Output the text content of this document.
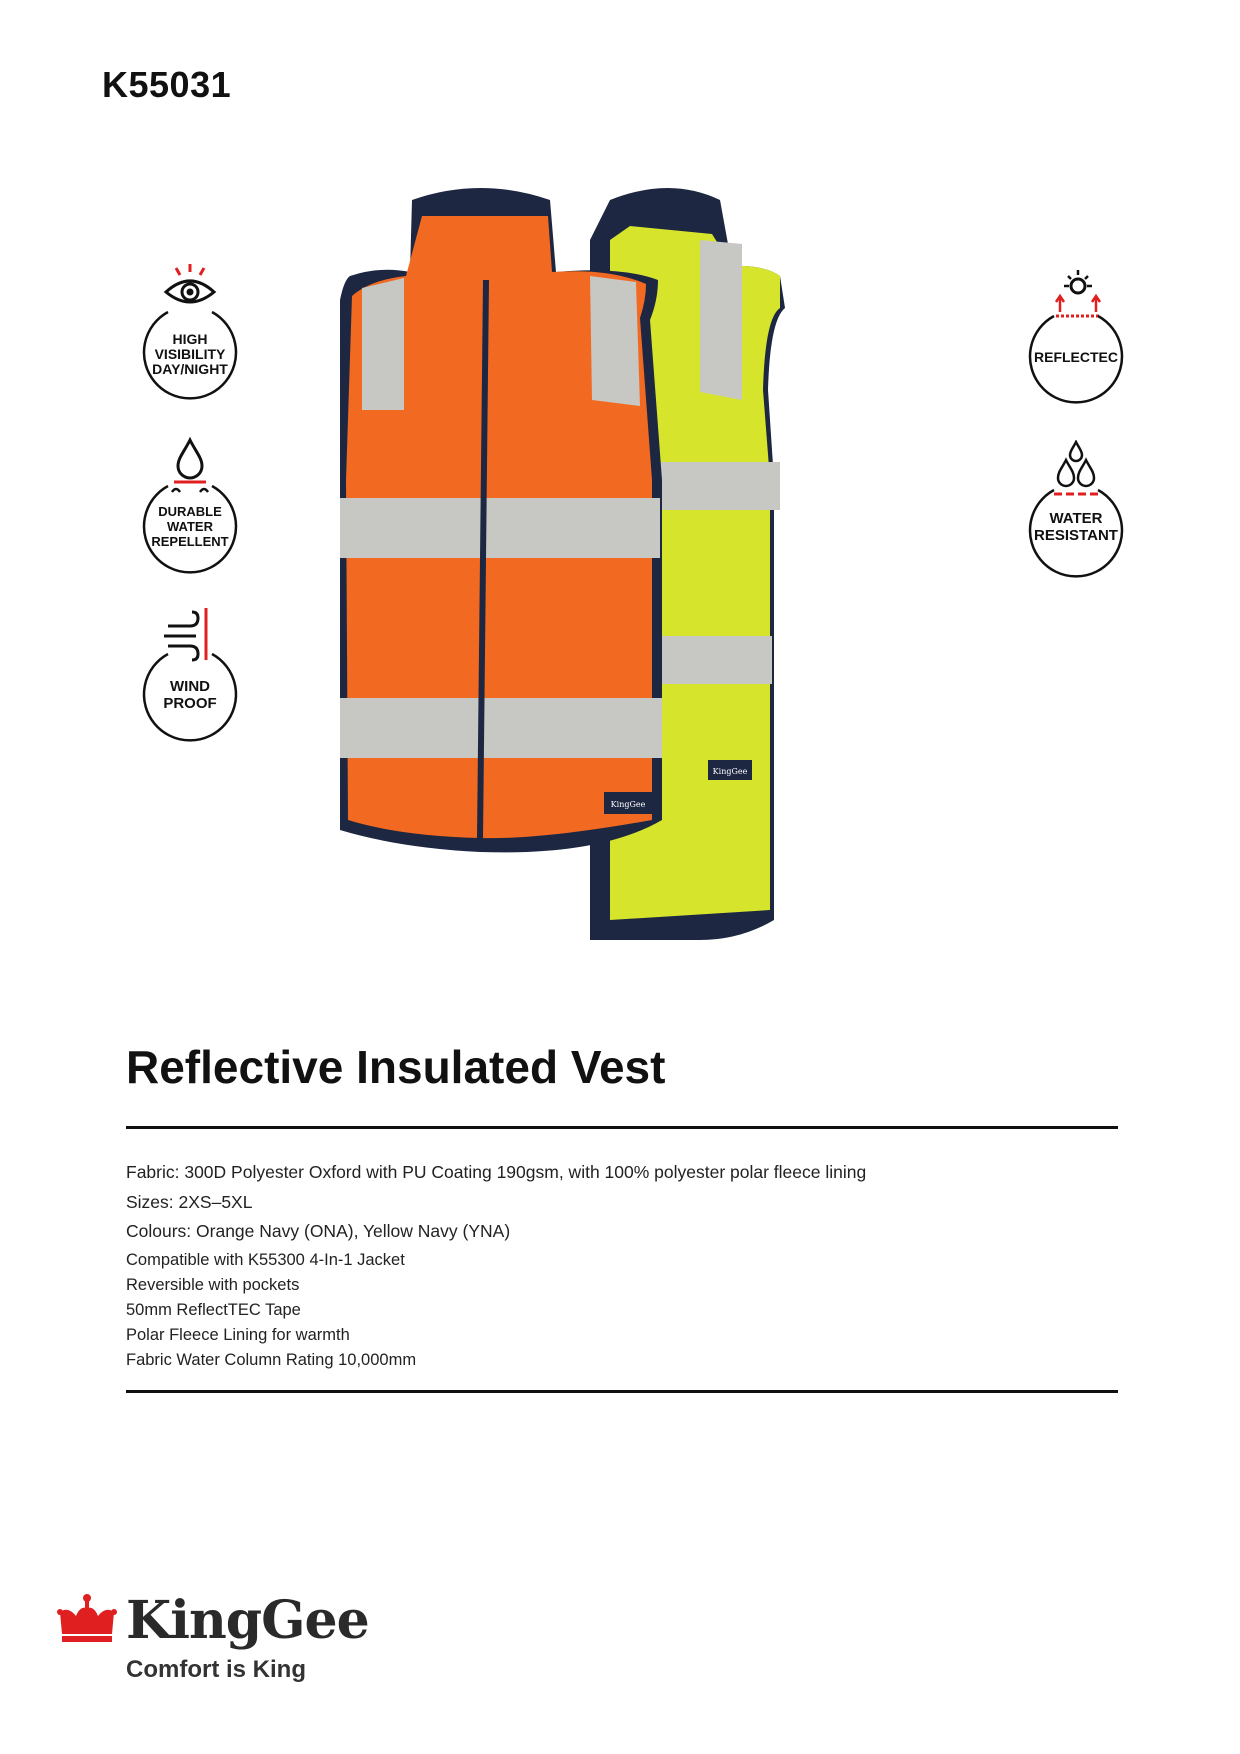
K55031
HIGH
VISIBILITY
DAY/NIGHT
DURABLE
WATER
REPELLENT
WIND
PROOF
REFLECTEC
WATER
RESISTANT
KingGee
KingGee
Reflective Insulated Vest
Fabric: 300D Polyester Oxford with PU Coating 190gsm, with 100% polyester polar fleece lining
Sizes: 2XS–5XL
Colours: Orange Navy (ONA), Yellow Navy (YNA)
Compatible with K55300 4-In-1 Jacket
Reversible with pockets
50mm ReflectTEC Tape
Polar Fleece Lining for warmth
Fabric Water Column Rating 10,000mm
KingGee
Comfort is King
